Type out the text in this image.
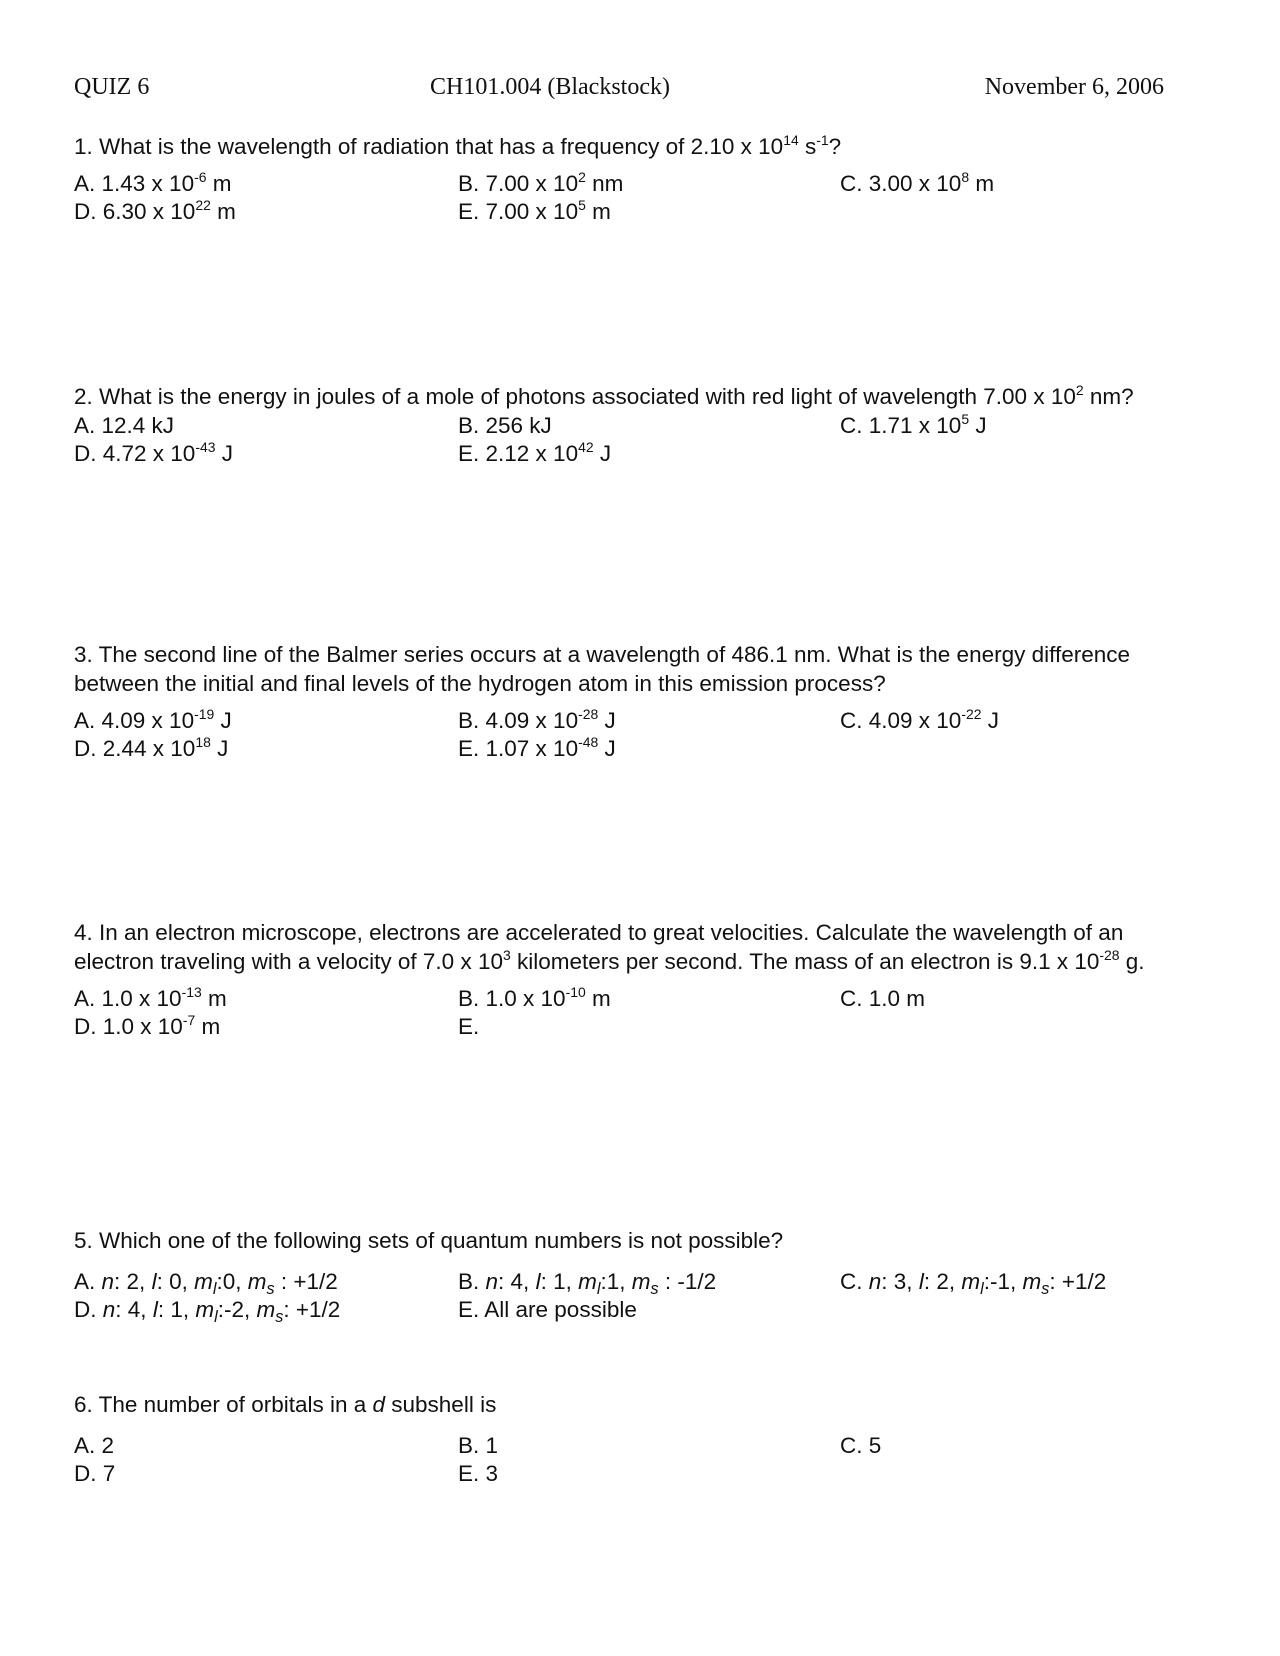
QUIZ 6	CH101.004 (Blackstock)	November 6, 2006

1. What is the wavelength of radiation that has a frequency of 2.10 x $10^{14}$ $s^{-1}$?

A. 1.43 x $10^{-6}$ m	B. 7.00 x $10^2$ nm	C. 3.00 x $10^8$ m
D. 6.30 x $10^{22}$ m	E. 7.00 x $10^5$ m

2. What is the energy in joules of a mole of photons associated with red light of wavelength 7.00 x $10^2$ nm?

A. 12.4 kJ	B. 256 kJ	C. 1.71 x $10^5$ J
D. 4.72 x $10^{-43}$ J	E. 2.12 x $10^{42}$ J

3. The second line of the Balmer series occurs at a wavelength of 486.1 nm. What is the energy difference between the initial and final levels of the hydrogen atom in this emission process?

A. 4.09 x $10^{-19}$ J	B. 4.09 x $10^{-28}$ J	C. 4.09 x $10^{-22}$ J
D. 2.44 x $10^{18}$ J	E. 1.07 x $10^{-48}$ J

4. In an electron microscope, electrons are accelerated to great velocities. Calculate the wavelength of an electron traveling with a velocity of 7.0 x $10^3$ kilometers per second. The mass of an electron is 9.1 x $10^{-28}$ g.

A. 1.0 x $10^{-13}$ m	B. 1.0 x $10^{-10}$ m	C. 1.0 m
D. 1.0 x $10^{-7}$ m	E.

5. Which one of the following sets of quantum numbers is not possible?

A. n: 2, l: 0, $m_l:0$, $m_s$ : +1/2	B. n: 4, l: 1, $m_l:1$, $m_s$ : -1/2	C. n: 3, l: 2, $m_l:-1$, $m_s$: +1/2
D. n: 4, l: 1, $m_l:-2$, $m_s$: +1/2	E. All are possible

6. The number of orbitals in a d subshell is

A. 2	B. 1	C. 5
D. 7	E. 3
